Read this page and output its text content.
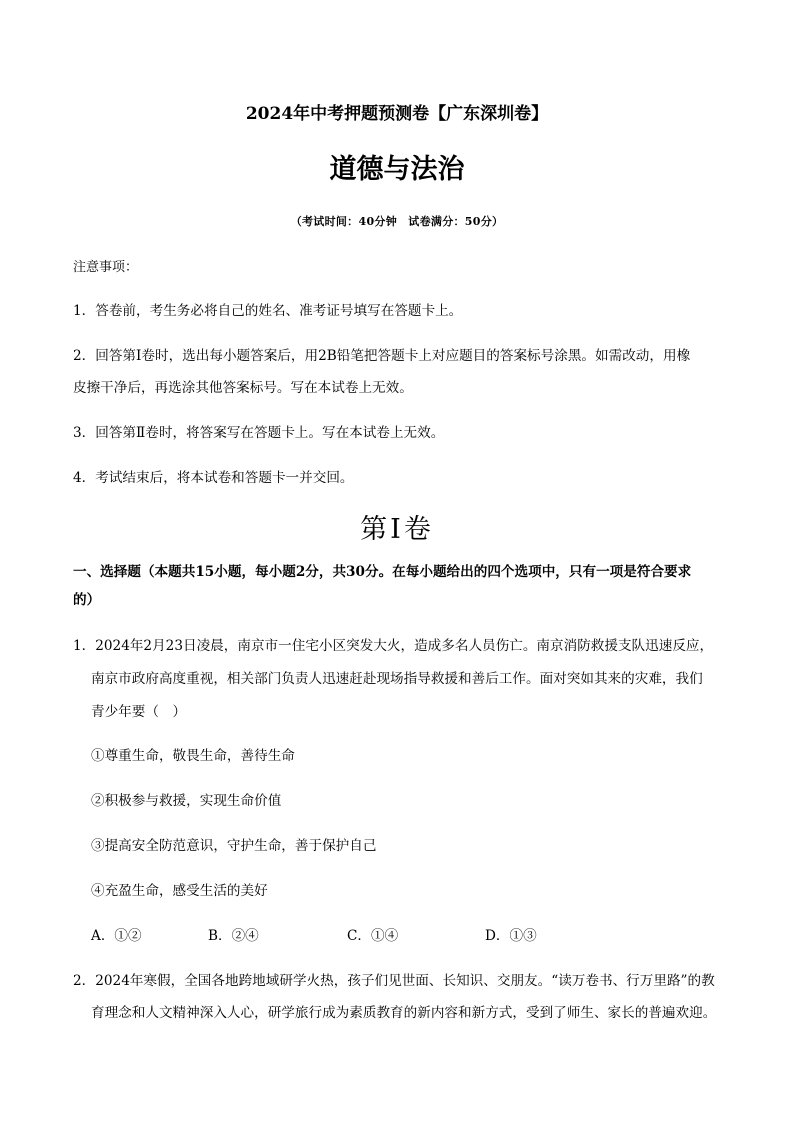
2024年中考押题预测卷【广东深圳卷】
道德与法治
（考试时间：40分钟　试卷满分：50分）
注意事项：
1．答卷前，考生务必将自己的姓名、准考证号填写在答题卡上。
2．回答第Ⅰ卷时，选出每小题答案后，用2B铅笔把答题卡上对应题目的答案标号涂黑。如需改动，用橡
皮擦干净后，再选涂其他答案标号。写在本试卷上无效。
3．回答第Ⅱ卷时，将答案写在答题卡上。写在本试卷上无效。
4．考试结束后，将本试卷和答题卡一并交回。
第Ⅰ卷
一、选择题（本题共15小题，每小题2分，共30分。在每小题给出的四个选项中，只有一项是符合要求
的）
1．2024年2月23日凌晨，南京市一住宅小区突发大火，造成多名人员伤亡。南京消防救援支队迅速反应，
南京市政府高度重视，相关部门负责人迅速赶赴现场指导救援和善后工作。面对突如其来的灾难，我们
青少年要（　）
①尊重生命，敬畏生命，善待生命
②积极参与救援，实现生命价值
③提高安全防范意识，守护生命，善于保护自己
④充盈生命，感受生活的美好
A．①②	B．②④	C．①④	D．①③
2．2024年寒假，全国各地跨地域研学火热，孩子们见世面、长知识、交朋友。“读万卷书、行万里路”的教
育理念和人文精神深入人心，研学旅行成为素质教育的新内容和新方式，受到了师生、家长的普遍欢迎。
